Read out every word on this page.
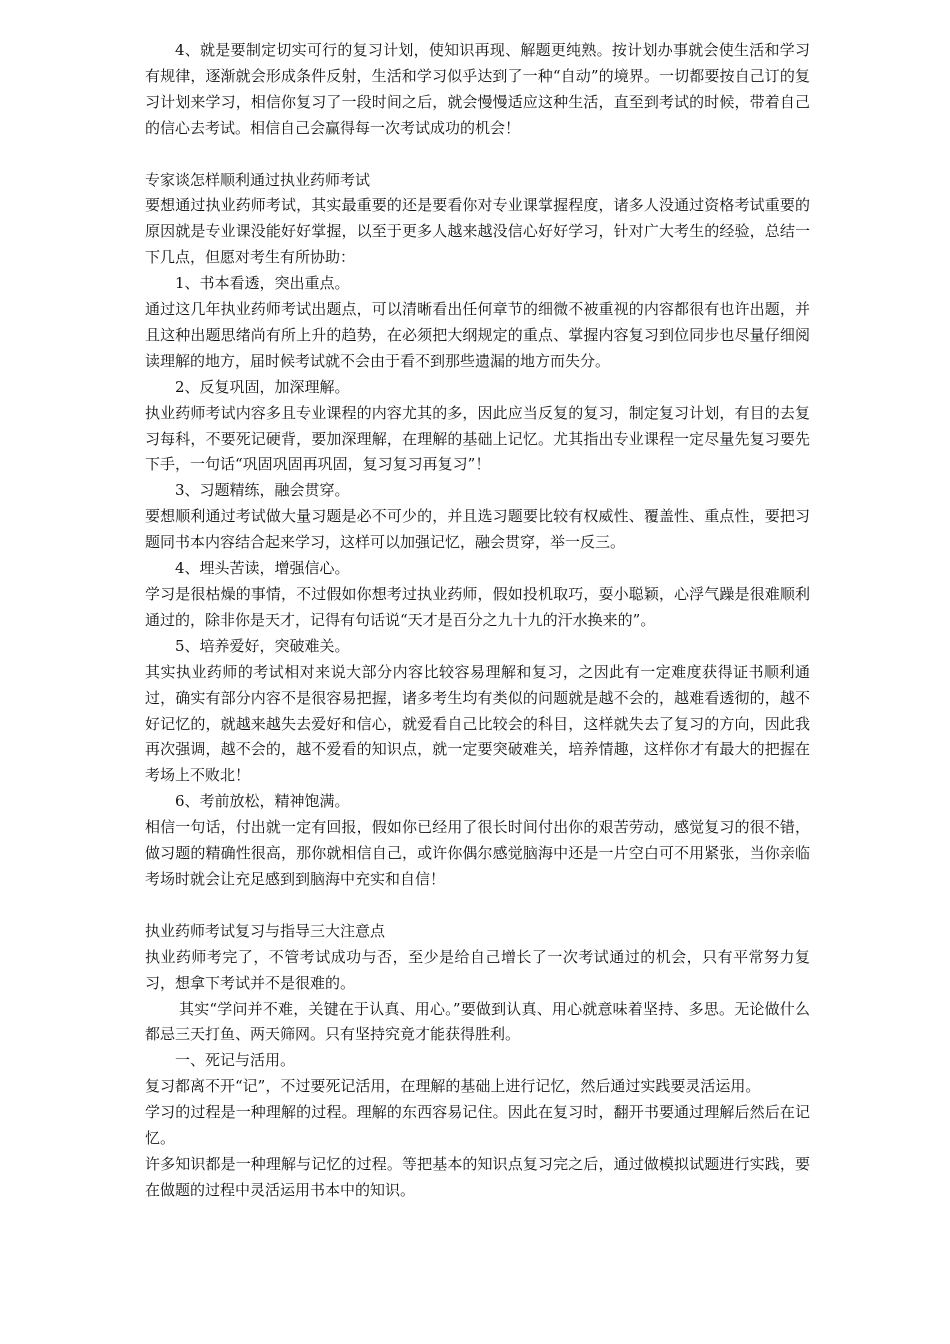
4、就是要制定切实可行的复习计划，使知识再现、解题更纯熟。按计划办事就会使生活和学习有规律，逐渐就会形成条件反射，生活和学习似乎达到了一种“自动”的境界。一切都要按自己订的复习计划来学习，相信你复习了一段时间之后，就会慢慢适应这种生活，直至到考试的时候，带着自己的信心去考试。相信自己会赢得每一次考试成功的机会！

专家谈怎样顺利通过执业药师考试

要想通过执业药师考试，其实最重要的还是要看你对专业课掌握程度，诸多人没通过资格考试重要的原因就是专业课没能好好掌握，以至于更多人越来越没信心好好学习，针对广大考生的经验，总结一下几点，但愿对考生有所协助：

1、书本看透，突出重点。

通过这几年执业药师考试出题点，可以清晰看出任何章节的细微不被重视的内容都很有也许出题，并且这种出题思绪尚有所上升的趋势，在必须把大纲规定的重点、掌握内容复习到位同步也尽量仔细阅读理解的地方，届时候考试就不会由于看不到那些遗漏的地方而失分。

2、反复巩固，加深理解。

执业药师考试内容多且专业课程的内容尤其的多，因此应当反复的复习，制定复习计划，有目的去复习每科，不要死记硬背，要加深理解，在理解的基础上记忆。尤其指出专业课程一定尽量先复习要先下手，一句话“巩固巩固再巩固，复习复习再复习”！

3、习题精练，融会贯穿。

要想顺利通过考试做大量习题是必不可少的，并且选习题要比较有权威性、覆盖性、重点性，要把习题同书本内容结合起来学习，这样可以加强记忆，融会贯穿，举一反三。

4、埋头苦读，增强信心。

学习是很枯燥的事情，不过假如你想考过执业药师，假如投机取巧，耍小聪颖，心浮气躁是很难顺利通过的，除非你是天才，记得有句话说“天才是百分之九十九的汗水换来的”。

5、培养爱好，突破难关。

其实执业药师的考试相对来说大部分内容比较容易理解和复习，之因此有一定难度获得证书顺利通过，确实有部分内容不是很容易把握，诸多考生均有类似的问题就是越不会的，越难看透彻的，越不好记忆的，就越来越失去爱好和信心，就爱看自己比较会的科目，这样就失去了复习的方向，因此我再次强调，越不会的，越不爱看的知识点，就一定要突破难关，培养情趣，这样你才有最大的把握在考场上不败北！

6、考前放松，精神饱满。

相信一句话，付出就一定有回报，假如你已经用了很长时间付出你的艰苦劳动，感觉复习的很不错，做习题的精确性很高，那你就相信自己，或许你偶尔感觉脑海中还是一片空白可不用紧张，当你亲临考场时就会让充足感到到脑海中充实和自信！

执业药师考试复习与指导三大注意点

执业药师考完了，不管考试成功与否，至少是给自己增长了一次考试通过的机会，只有平常努力复习，想拿下考试并不是很难的。

其实“学问并不难，关键在于认真、用心。”要做到认真、用心就意味着坚持、多思。无论做什么都忌三天打鱼、两天筛网。只有坚持究竟才能获得胜利。

一、死记与活用。

复习都离不开“记”，不过要死记活用，在理解的基础上进行记忆，然后通过实践要灵活运用。

学习的过程是一种理解的过程。理解的东西容易记住。因此在复习时，翻开书要通过理解后然后在记忆。

许多知识都是一种理解与记忆的过程。等把基本的知识点复习完之后，通过做模拟试题进行实践，要在做题的过程中灵活运用书本中的知识。
